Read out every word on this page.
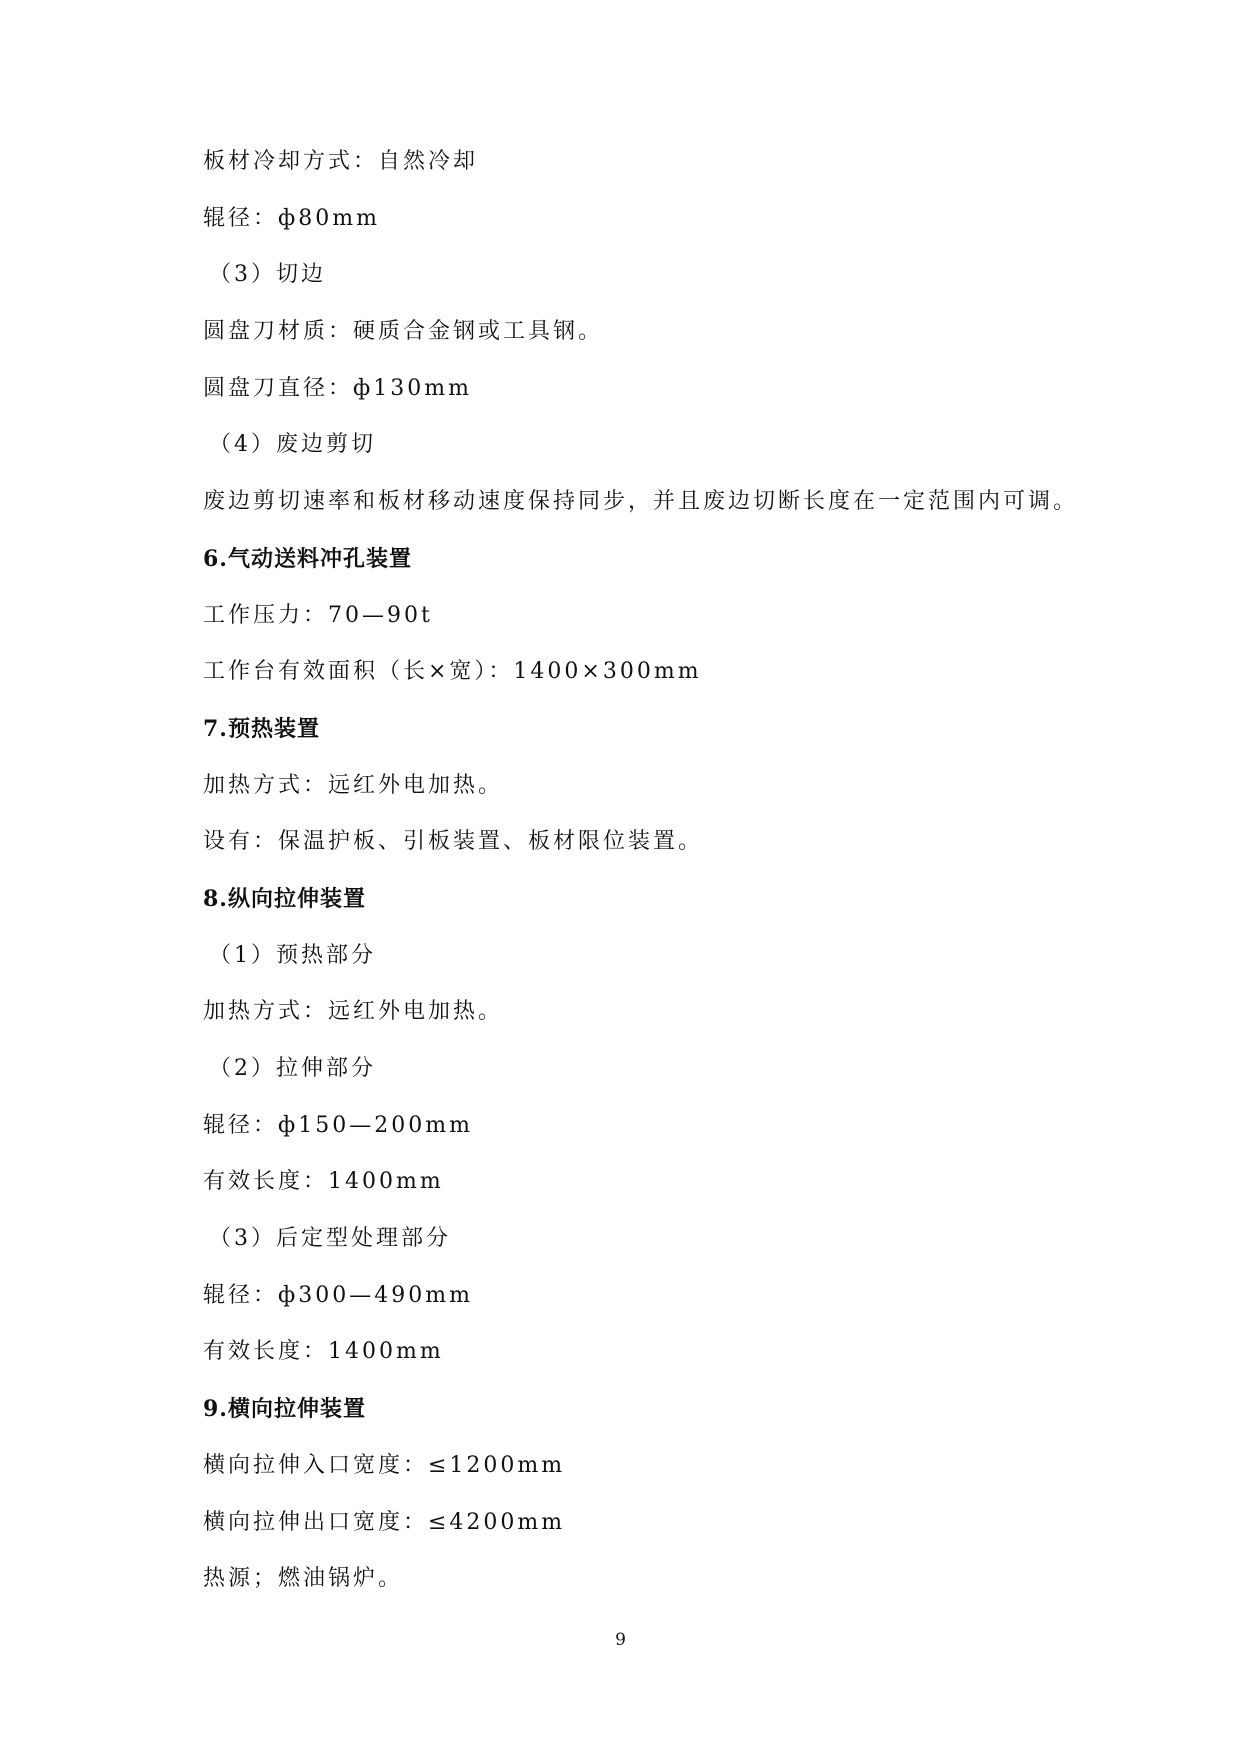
板材冷却方式：自然冷却
辊径：ф80mm
（3）切边
圆盘刀材质：硬质合金钢或工具钢。
圆盘刀直径：ф130mm
（4）废边剪切
废边剪切速率和板材移动速度保持同步，并且废边切断长度在一定范围内可调。
6.气动送料冲孔装置
工作压力：70—90t
工作台有效面积（长×宽）：1400×300mm
7.预热装置
加热方式：远红外电加热。
设有：保温护板、引板装置、板材限位装置。
8.纵向拉伸装置
（1）预热部分
加热方式：远红外电加热。
（2）拉伸部分
辊径：ф150—200mm
有效长度：1400mm
（3）后定型处理部分
辊径：ф300—490mm
有效长度：1400mm
9.横向拉伸装置
横向拉伸入口宽度：≤1200mm
横向拉伸出口宽度：≤4200mm
热源；燃油锅炉。
9
